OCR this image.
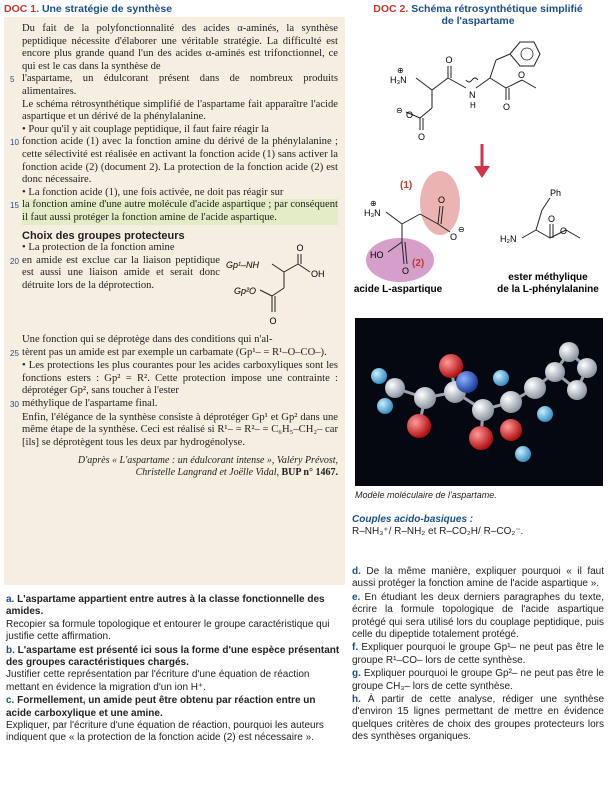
DOC 1. Une stratégie de synthèse	DOC 2. Schéma rétrosynthétique simplifié
de l'aspartame

Du fait de la polyfonctionnalité des acides α-aminés, la synthèse peptidique nécessite d'élaborer une véritable stratégie. La difficulté est encore plus grande quand l'un des acides α-aminés est trifonctionnel, ce qui est le cas dans la synthèse de

5 l'aspartame, un édulcorant présent dans de nombreux produits alimentaires.

Le schéma rétrosynthétique simplifié de l'aspartame fait apparaître l'acide aspartique et un dérivé de la phénylalanine.

• Pour qu'il y ait couplage peptidique, il faut faire réagir la

10 fonction acide (1) avec la fonction amine du dérivé de la phénylalanine ; cette sélectivité est réalisée en activant la fonction acide (1) sans activer la fonction acide (2) (document 2). La protection de la fonction acide (2) est donc nécessaire.

• La fonction acide (1), une fois activée, ne doit pas réagir sur

15 la fonction amine d'une autre molécule d'acide aspartique ; par conséquent il faut aussi protéger la fonction amine de l'acide aspartique.

Choix des groupes protecteurs

• La protection de la fonction amine

20 en amide est exclue car la liaison peptidique est aussi une liaison amide et serait donc détruite lors de la déprotection.

O
OH
Gp¹–NH
Gp²O
O

Une fonction qui se déprotège dans des conditions qui n'al-

25 tèrent pas un amide est par exemple un carbamate (Gp¹– = R¹–O–CO–).

• Les protections les plus courantes pour les acides carboxyliques sont les fonctions esters : Gp² = R². Cette protection impose une contrainte : déprotéger Gp², sans toucher à l'ester

30 méthylique de l'aspartame final.

Enfin, l'élégance de la synthèse consiste à déprotéger Gp¹ et Gp² dans une même étape de la synthèse. Ceci est réalisé si R¹– = R²– = C₆H₅–CH₂– car [ils] se déprotègent tous les deux par hydrogénolyse.

D'après « L'aspartame : un édulcorant intense », Valéry Prévost,
Christelle Langrand et Joëlle Vidal, BUP n° 1467.
H₃N
⊕
O
N
H	O
O
⊖ O
O
(1)
(2)
H₃N
⊕	O
O
⊖
HO
O
acide L-aspartique
H₂N
Ph
O
O
ester méthylique
de la L-phénylalanine
Modèle moléculaire de l'aspartame.
Couples acido-basiques :
R–NH₃⁺/ R–NH₂ et R–CO₂H/ R–CO₂⁻.
a. L'aspartame appartient entre autres à la classe fonctionnelle des amides.
Recopier sa formule topologique et entourer le groupe caractéristique qui justifie cette affirmation.
b. L'aspartame est présenté ici sous la forme d'une espèce présentant des groupes caractéristiques chargés.
Justifier cette représentation par l'écriture d'une équation de réaction mettant en évidence la migration d'un ion H⁺.
c. Formellement, un amide peut être obtenu par réaction entre un acide carboxylique et une amine.
Expliquer, par l'écriture d'une équation de réaction, pourquoi les auteurs indiquent que « la protection de la fonction acide (2) est nécessaire ».
d. De la même manière, expliquer pourquoi « il faut aussi protéger la fonction amine de l'acide aspartique ».
e. En étudiant les deux derniers paragraphes du texte, écrire la formule topologique de l'acide aspartique protégé qui sera utilisé lors du couplage peptidique, puis celle du dipeptide totalement protégé.
f. Expliquer pourquoi le groupe Gp¹– ne peut pas être le groupe R¹–CO– lors de cette synthèse.
g. Expliquer pourquoi le groupe Gp²– ne peut pas être le groupe CH₃– lors de cette synthèse.
h. À partir de cette analyse, rédiger une synthèse d'environ 15 lignes permettant de mettre en évidence quelques critères de choix des groupes protecteurs lors des synthèses organiques.
